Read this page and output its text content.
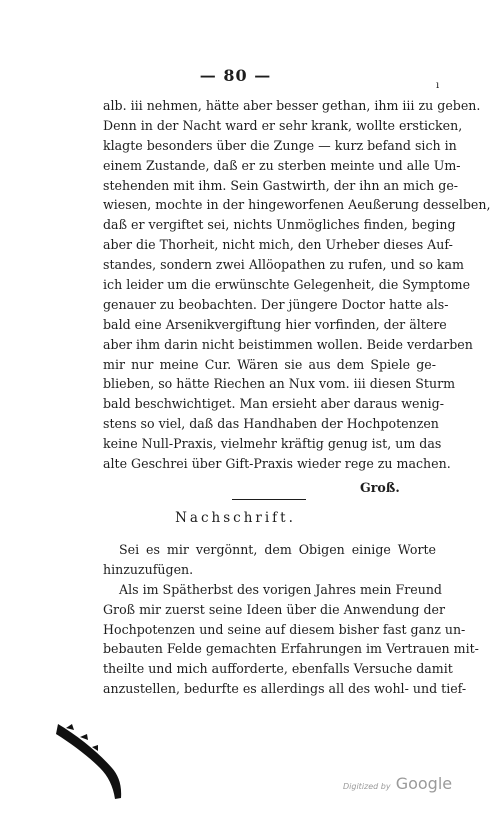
— 80 —
ı
alb. ⅲ nehmen, hätte aber besser gethan, ihm ⅲ zu geben.
Denn in der Nacht ward er sehr krank, wollte ersticken,
klagte besonders über die Zunge — kurz befand sich in
einem Zustande, daß er zu sterben meinte und alle Um-
stehenden mit ihm. Sein Gastwirth, der ihn an mich ge-
wiesen, mochte in der hingeworfenen Aeußerung desselben,
daß er vergiftet sei, nichts Unmögliches finden, beging
aber die Thorheit, nicht mich, den Urheber dieses Auf-
standes, sondern zwei Allöopathen zu rufen, und so kam
ich leider um die erwünschte Gelegenheit, die Symptome
genauer zu beobachten. Der jüngere Doctor hatte als-
bald eine Arsenikvergiftung hier vorfinden, der ältere
aber ihm darin nicht beistimmen wollen. Beide verdarben
mir nur meine Cur. Wären sie aus dem Spiele ge-
blieben, so hätte Riechen an Nux vom. ⅲ diesen Sturm
bald beschwichtiget. Man ersieht aber daraus wenig-
stens so viel, daß das Handhaben der Hochpotenzen
keine Null-Praxis, vielmehr kräftig genug ist, um das
alte Geschrei über Gift-Praxis wieder rege zu machen.
Groß.
Nachschrift.
Sei es mir vergönnt, dem Obigen einige Worte
hinzuzufügen.
Als im Spätherbst des vorigen Jahres mein Freund
Groß mir zuerst seine Ideen über die Anwendung der
Hochpotenzen und seine auf diesem bisher fast ganz un-
bebauten Felde gemachten Erfahrungen im Vertrauen mit-
theilte und mich aufforderte, ebenfalls Versuche damit
anzustellen, bedurfte es allerdings all des wohl- und tief-
Digitized by Google
